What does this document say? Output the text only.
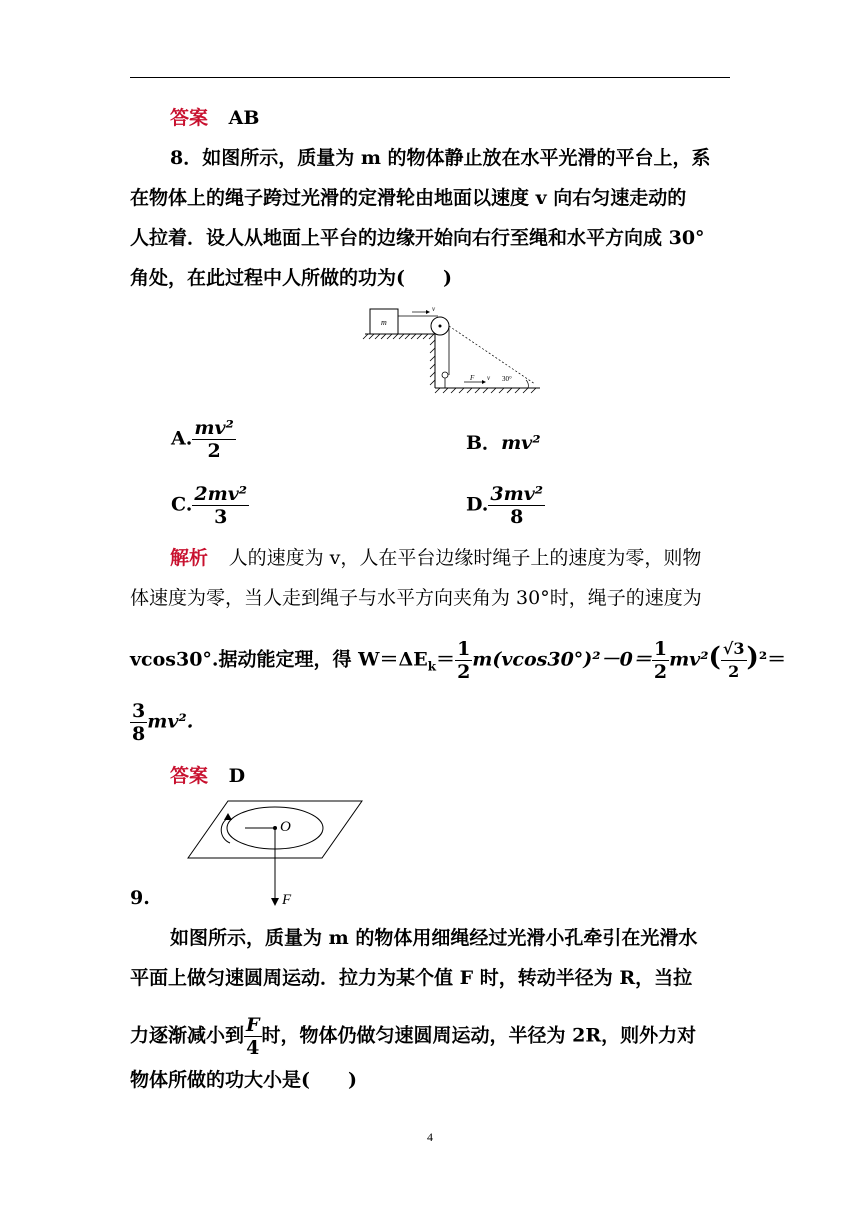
答案 AB
8．如图所示，质量为 m 的物体静止放在水平光滑的平台上，系
在物体上的绳子跨过光滑的定滑轮由地面以速度 v 向右匀速走动的
人拉着．设人从地面上平台的边缘开始向右行至绳和水平方向成 30°
角处，在此过程中人所做的功为(　　)
m
v
F v 30°
A. $\frac{\text{mv²}}{2}$	B．mv²
C. $\frac{\text{2mv²}}{3}$	D. $\frac{\text{3mv²}}{8}$
解析 人的速度为 v，人在平台边缘时绳子上的速度为零，则物
体速度为零，当人走到绳子与水平方向夹角为 30°时，绳子的速度为
vcos30°.据动能定理，得 $W=\Delta E_k= \frac{1}{2} m(vcos30^\circ)^2-0= \frac{1}{2} mv^2( \frac{√3}{2} )^2=$
$\frac{3}{8} mv^2$.
答案 D
O
F
9.
如图所示，质量为 m 的物体用细绳经过光滑小孔牵引在光滑水
平面上做匀速圆周运动．拉力为某个值 F 时，转动半径为 R，当拉
力逐渐减小到 $\frac{F}{4}$ 时，物体仍做匀速圆周运动，半径为 2R，则外力对
物体所做的功大小是(　　)
4
